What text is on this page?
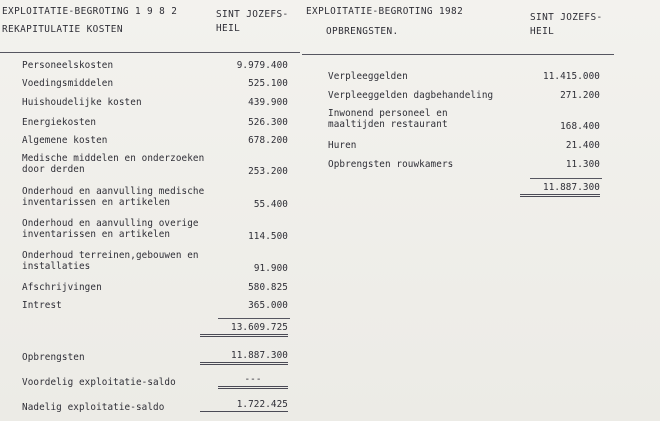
EXPLOITATIE-BEGROTING 1 9 8 2
REKAPITULATIE KOSTEN
SINT JOZEFS-
HEIL
EXPLOITATIE-BEGROTING 1982
OPBRENGSTEN.
SINT JOZEFS-
HEIL
Personeelskosten	9.979.400
Voedingsmiddelen	525.100
Huishoudelijke kosten	439.900
Energiekosten	526.300
Algemene kosten	678.200
Medische middelen en onderzoeken door derden	253.200
Onderhoud en aanvulling medische inventarissen en artikelen	55.400
Onderhoud en aanvulling overige inventarissen en artikelen	114.500
Onderhoud terreinen,gebouwen en installaties	91.900
Afschrijvingen	580.825
Intrest	365.000
13.609.725
Opbrengsten	11.887.300
Voordelig exploitatie-saldo	---
Nadelig exploitatie-saldo	1.722.425
Verpleeggelden	11.415.000
Verpleeggelden dagbehandeling	271.200
Inwonend personeel en maaltijden restaurant	168.400
Huren	21.400
Opbrengsten rouwkamers	11.300
11.887.300
